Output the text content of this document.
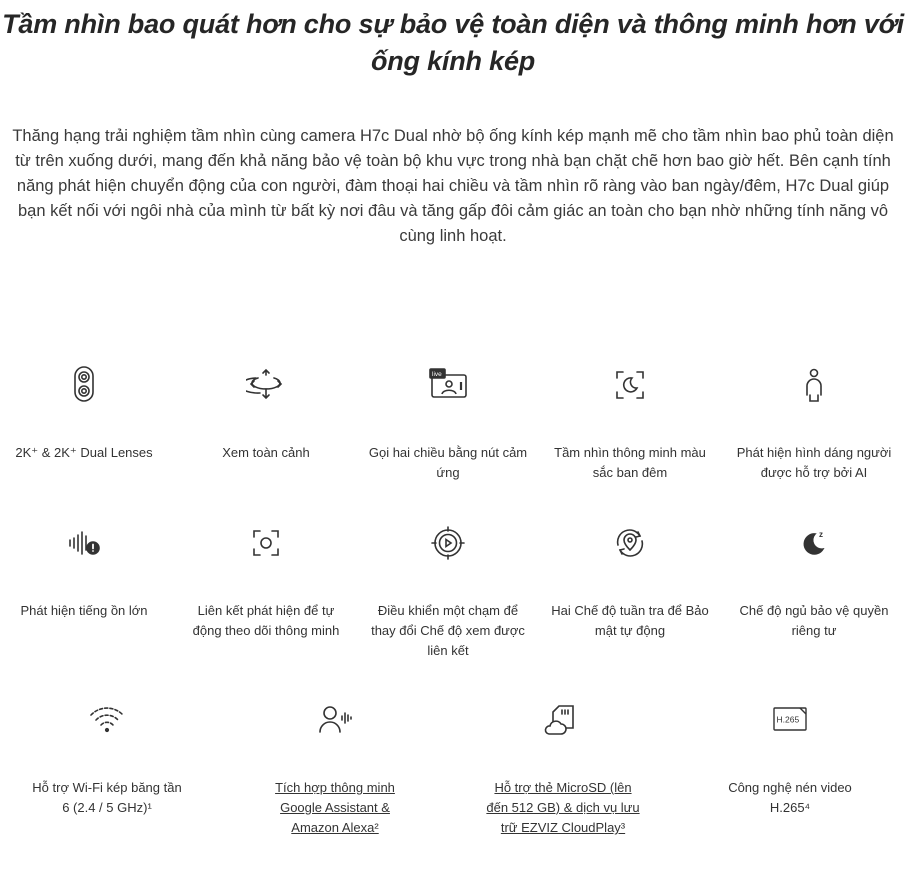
Tầm nhìn bao quát hơn cho sự bảo vệ toàn diện và thông minh hơn với ống kính kép

Thăng hạng trải nghiệm tầm nhìn cùng camera H7c Dual nhờ bộ ống kính kép mạnh mẽ cho tầm nhìn bao phủ toàn diện từ trên xuống dưới, mang đến khả năng bảo vệ toàn bộ khu vực trong nhà bạn chặt chẽ hơn bao giờ hết. Bên cạnh tính năng phát hiện chuyển động của con người, đàm thoại hai chiều và tầm nhìn rõ ràng vào ban ngày/đêm, H7c Dual giúp bạn kết nối với ngôi nhà của mình từ bất kỳ nơi đâu và tăng gấp đôi cảm giác an toàn cho bạn nhờ những tính năng vô cùng linh hoạt.

2K⁺ & 2K⁺ Dual Lenses	Xem toàn cảnh
live
Gọi hai chiều bằng nút cảm ứng
Tầm nhìn thông minh màu sắc ban đêm
Phát hiện hình dáng người được hỗ trợ bởi AI
Phát hiện tiếng ồn lớn	Liên kết phát hiện để tự động theo dõi thông minh
Điều khiển một chạm để thay đổi Chế độ xem được liên kết
Hai Chế độ tuần tra để Bảo mật tự động
z
Chế độ ngủ bảo vệ quyền riêng tư
Hỗ trợ Wi-Fi kép băng tần 6 (2.4 / 5 GHz)¹
Tích hợp thông minh Google Assistant & Amazon Alexa²
Hỗ trợ thẻ MicroSD (lên đến 512 GB) & dịch vụ lưu trữ EZVIZ CloudPlay³
H.265
Công nghệ nén video H.265⁴
